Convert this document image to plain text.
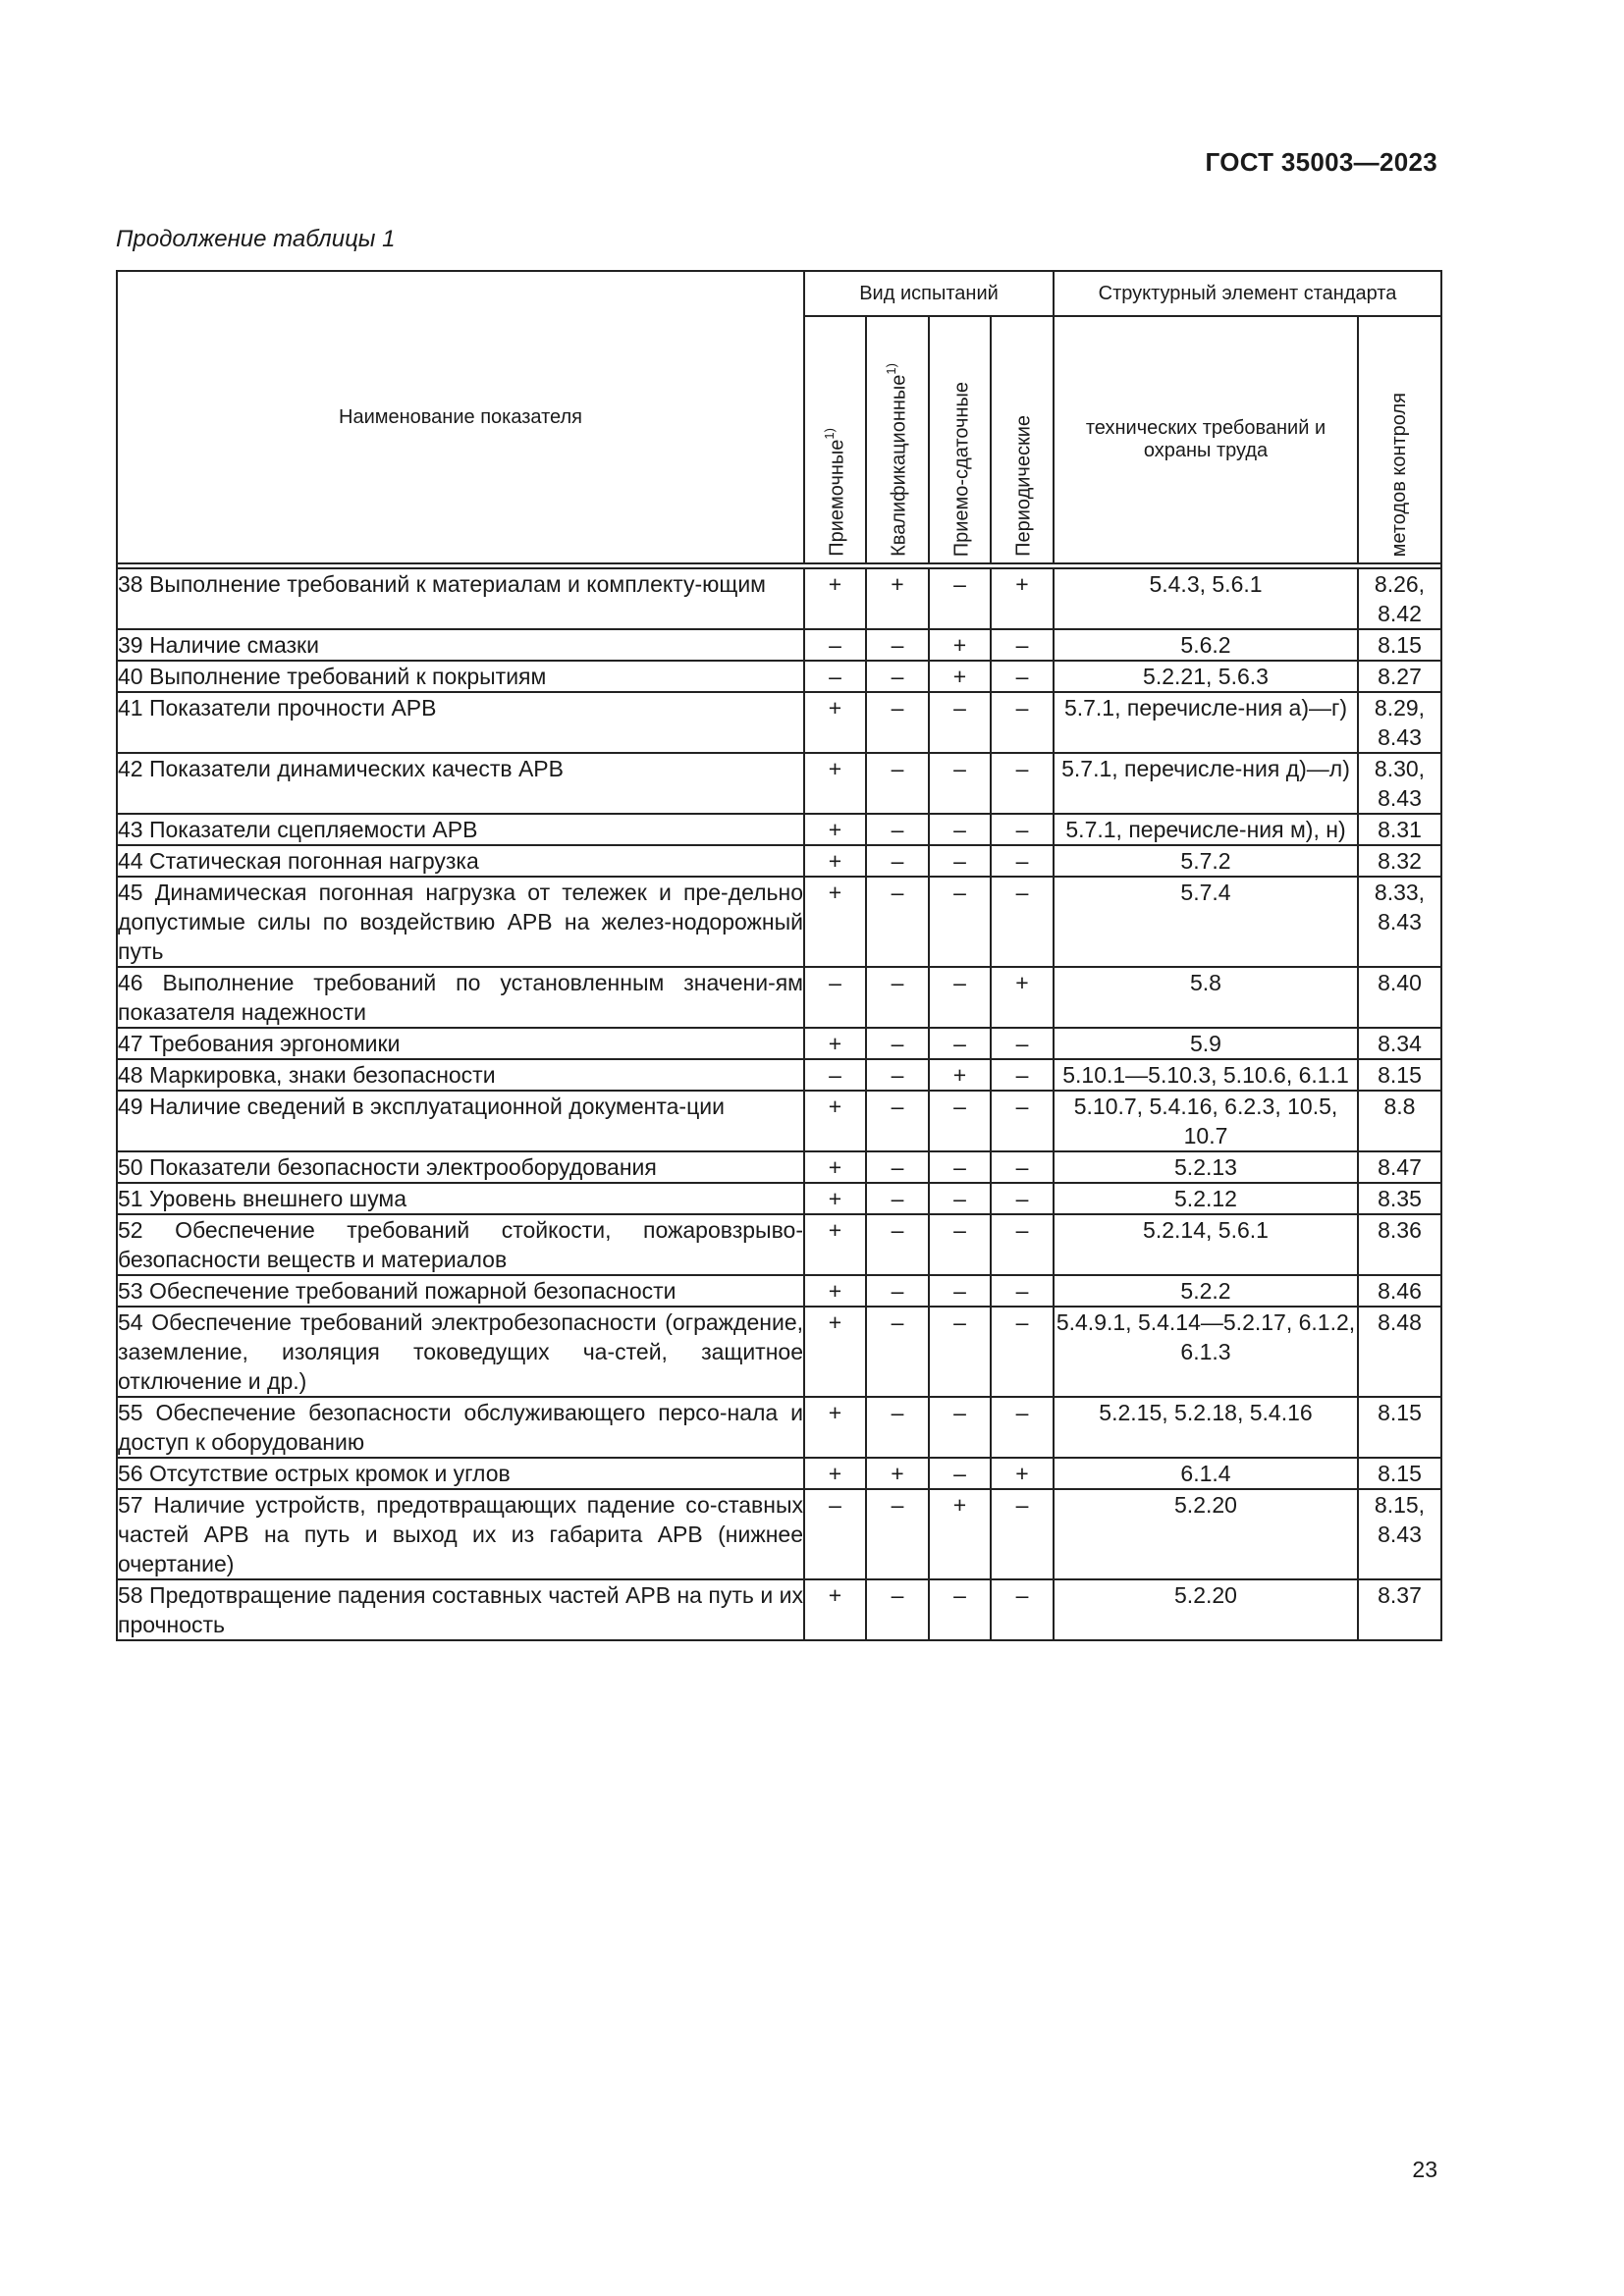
ГОСТ 35003—2023
Продолжение таблицы 1
Наименование показателя	Вид испытаний				Структурный элемент стандарта	
	Приемочные$^{1)}$	Квалификационные$^{1)}$	Приемо-сдаточные	Периодические	технических требований и охраны труда	методов контроля

38 Выполнение требований к материалам и комплекту-ющим	+	+	–	+	5.4.3, 5.6.1	8.26, 8.42
39 Наличие смазки	–	–	+	–	5.6.2	8.15
40 Выполнение требований к покрытиям	–	–	+	–	5.2.21, 5.6.3	8.27
41 Показатели прочности АРВ	+	–	–	–	5.7.1, перечисле-ния а)—г)	8.29, 8.43
42 Показатели динамических качеств АРВ	+	–	–	–	5.7.1, перечисле-ния д)—л)	8.30, 8.43
43 Показатели сцепляемости АРВ	+	–	–	–	5.7.1, перечисле-ния м), н)	8.31
44 Статическая погонная нагрузка	+	–	–	–	5.7.2	8.32
45 Динамическая погонная нагрузка от тележек и пре-дельно допустимые силы по воздействию АРВ на желез-нодорожный путь	+	–	–	–	5.7.4	8.33, 8.43
46 Выполнение требований по установленным значени-ям показателя надежности	–	–	–	+	5.8	8.40
47 Требования эргономики	+	–	–	–	5.9	8.34
48 Маркировка, знаки безопасности	–	–	+	–	5.10.1—5.10.3, 5.10.6, 6.1.1	8.15
49 Наличие сведений в эксплуатационной документа-ции	+	–	–	–	5.10.7, 5.4.16, 6.2.3, 10.5, 10.7	8.8
50 Показатели безопасности электрооборудования	+	–	–	–	5.2.13	8.47
51 Уровень внешнего шума	+	–	–	–	5.2.12	8.35
52 Обеспечение требований стойкости, пожаровзрыво-безопасности веществ и материалов	+	–	–	–	5.2.14, 5.6.1	8.36
53 Обеспечение требований пожарной безопасности	+	–	–	–	5.2.2	8.46
54 Обеспечение требований электробезопасности (ограждение, заземление, изоляция токоведущих ча-стей, защитное отключение и др.)	+	–	–	–	5.4.9.1, 5.4.14—5.2.17, 6.1.2, 6.1.3	8.48
55 Обеспечение безопасности обслуживающего персо-нала и доступ к оборудованию	+	–	–	–	5.2.15, 5.2.18, 5.4.16	8.15
56 Отсутствие острых кромок и углов	+	+	–	+	6.1.4	8.15
57 Наличие устройств, предотвращающих падение со-ставных частей АРВ на путь и выход их из габарита АРВ (нижнее очертание)	–	–	+	–	5.2.20	8.15, 8.43
58 Предотвращение падения составных частей АРВ на путь и их прочность	+	–	–	–	5.2.20	8.37
23
